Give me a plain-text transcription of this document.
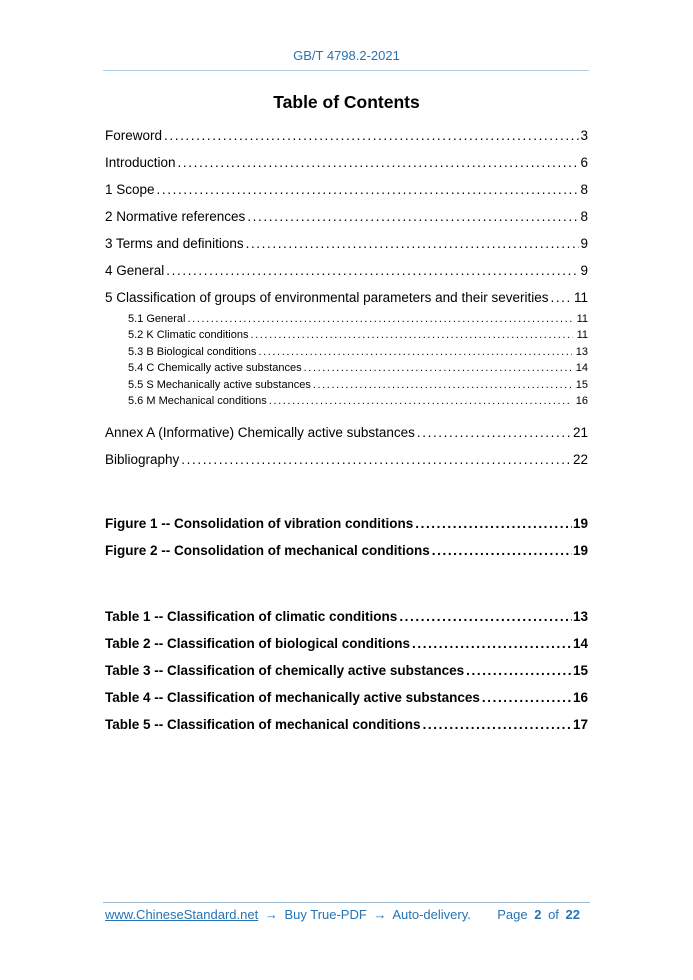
GB/T 4798.2-2021
Table of Contents
Foreword .....	3
Introduction .....	6
1 Scope .....	8
2 Normative references .....	8
3 Terms and definitions .....	9
4 General .....	9
5 Classification of groups of environmental parameters and their severities ..... 11
5.1 General .....	11
5.2 K Climatic conditions .....	11
5.3 B Biological conditions .....	13
5.4 C Chemically active substances .....	14
5.5 S Mechanically active substances .....	15
5.6 M Mechanical conditions .....	16
Annex A (Informative) Chemically active substances .....	21
Bibliography .....	22
Figure 1 -- Consolidation of vibration conditions .....	19
Figure 2 -- Consolidation of mechanical conditions .....	19
Table 1 -- Classification of climatic conditions .....	13
Table 2 -- Classification of biological conditions .....	14
Table 3 -- Classification of chemically active substances .....	15
Table 4 -- Classification of mechanically active substances .....	16
Table 5 -- Classification of mechanical conditions .....	17
www.ChineseStandard.net → Buy True-PDF → Auto-delivery. Page 2 of 22
